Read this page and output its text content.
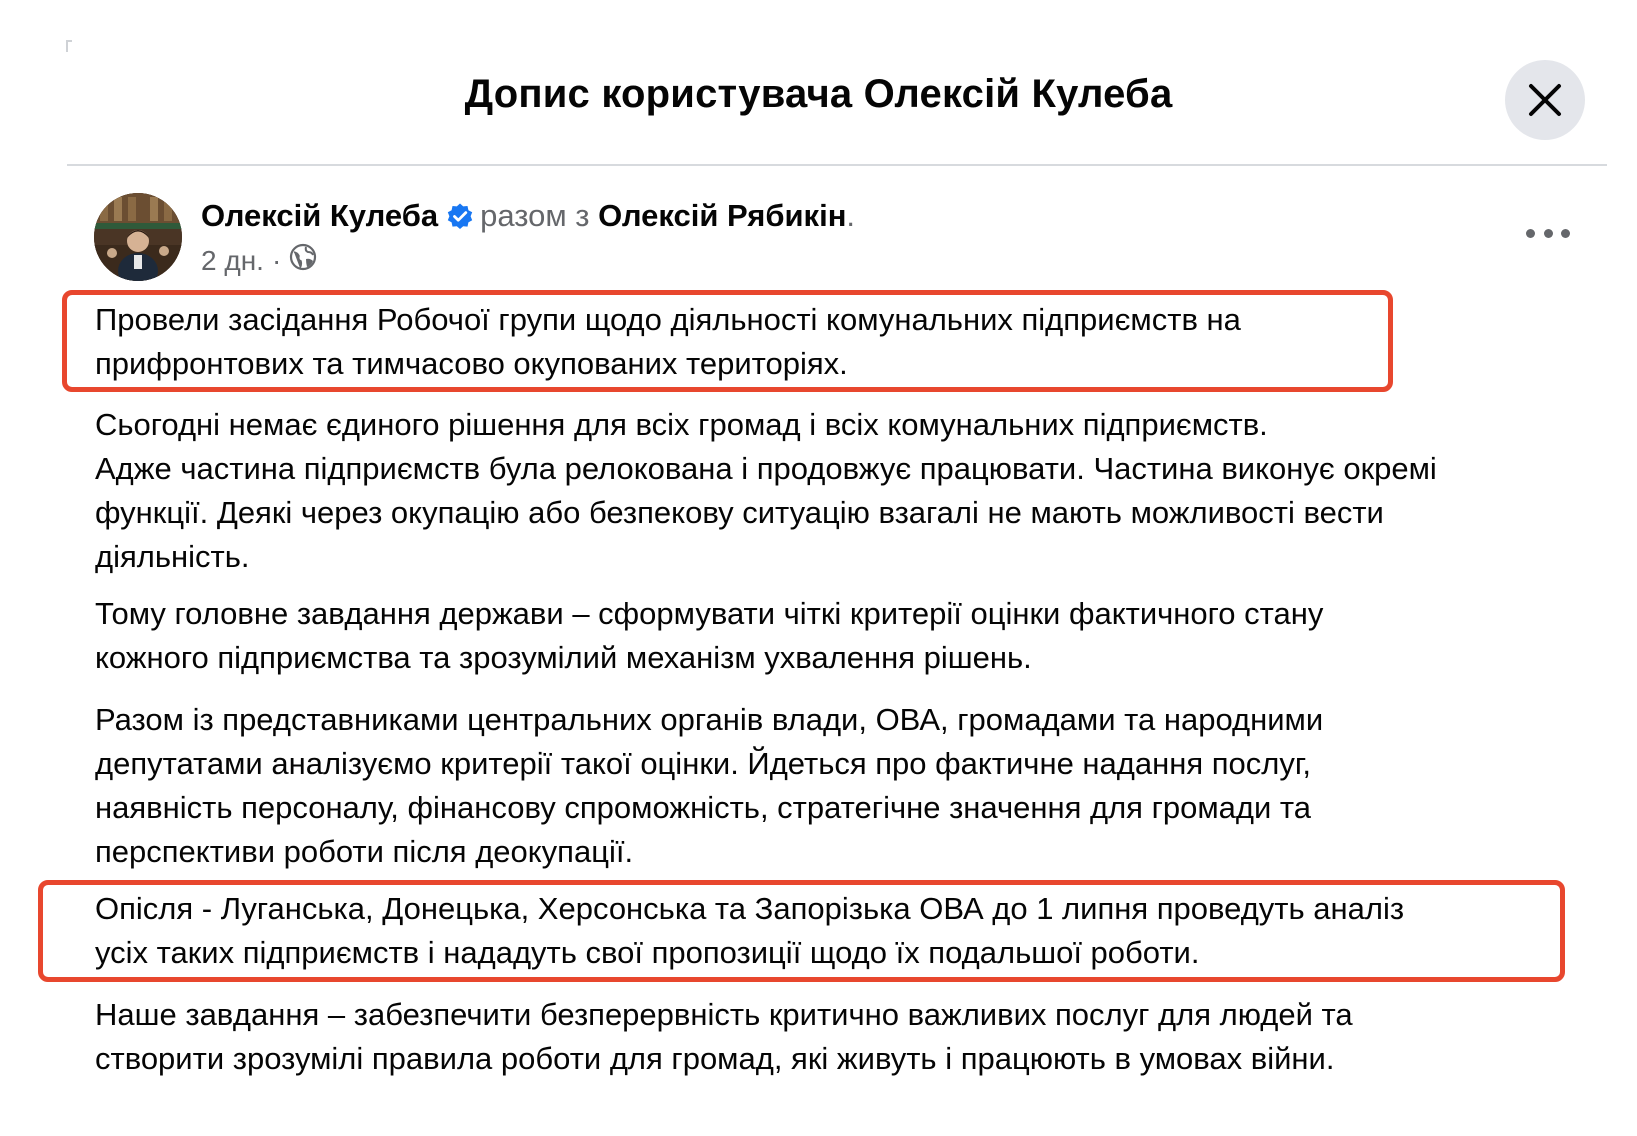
Допис користувача Олексій Кулеба
Олексій Кулеба разом з Олексій Рябикін.
2 дн. ·

Провели засідання Робочої групи щодо діяльності комунальних підприємств на
прифронтових та тимчасово окупованих територіях.

Сьогодні немає єдиного рішення для всіх громад і всіх комунальних підприємств.
Адже частина підприємств була релокована і продовжує працювати. Частина виконує окремі
функції. Деякі через окупацію або безпекову ситуацію взагалі не мають можливості вести
діяльність.

Тому головне завдання держави – сформувати чіткі критерії оцінки фактичного стану
кожного підприємства та зрозумілий механізм ухвалення рішень.

Разом із представниками центральних органів влади, ОВА, громадами та народними
депутатами аналізуємо критерії такої оцінки. Йдеться про фактичне надання послуг,
наявність персоналу, фінансову спроможність, стратегічне значення для громади та
перспективи роботи після деокупації.

Опісля - Луганська, Донецька, Херсонська та Запорізька ОВА до 1 липня проведуть аналіз
усіх таких підприємств і нададуть свої пропозиції щодо їх подальшої роботи.

Наше завдання – забезпечити безперервність критично важливих послуг для людей та
створити зрозумілі правила роботи для громад, які живуть і працюють в умовах війни.
